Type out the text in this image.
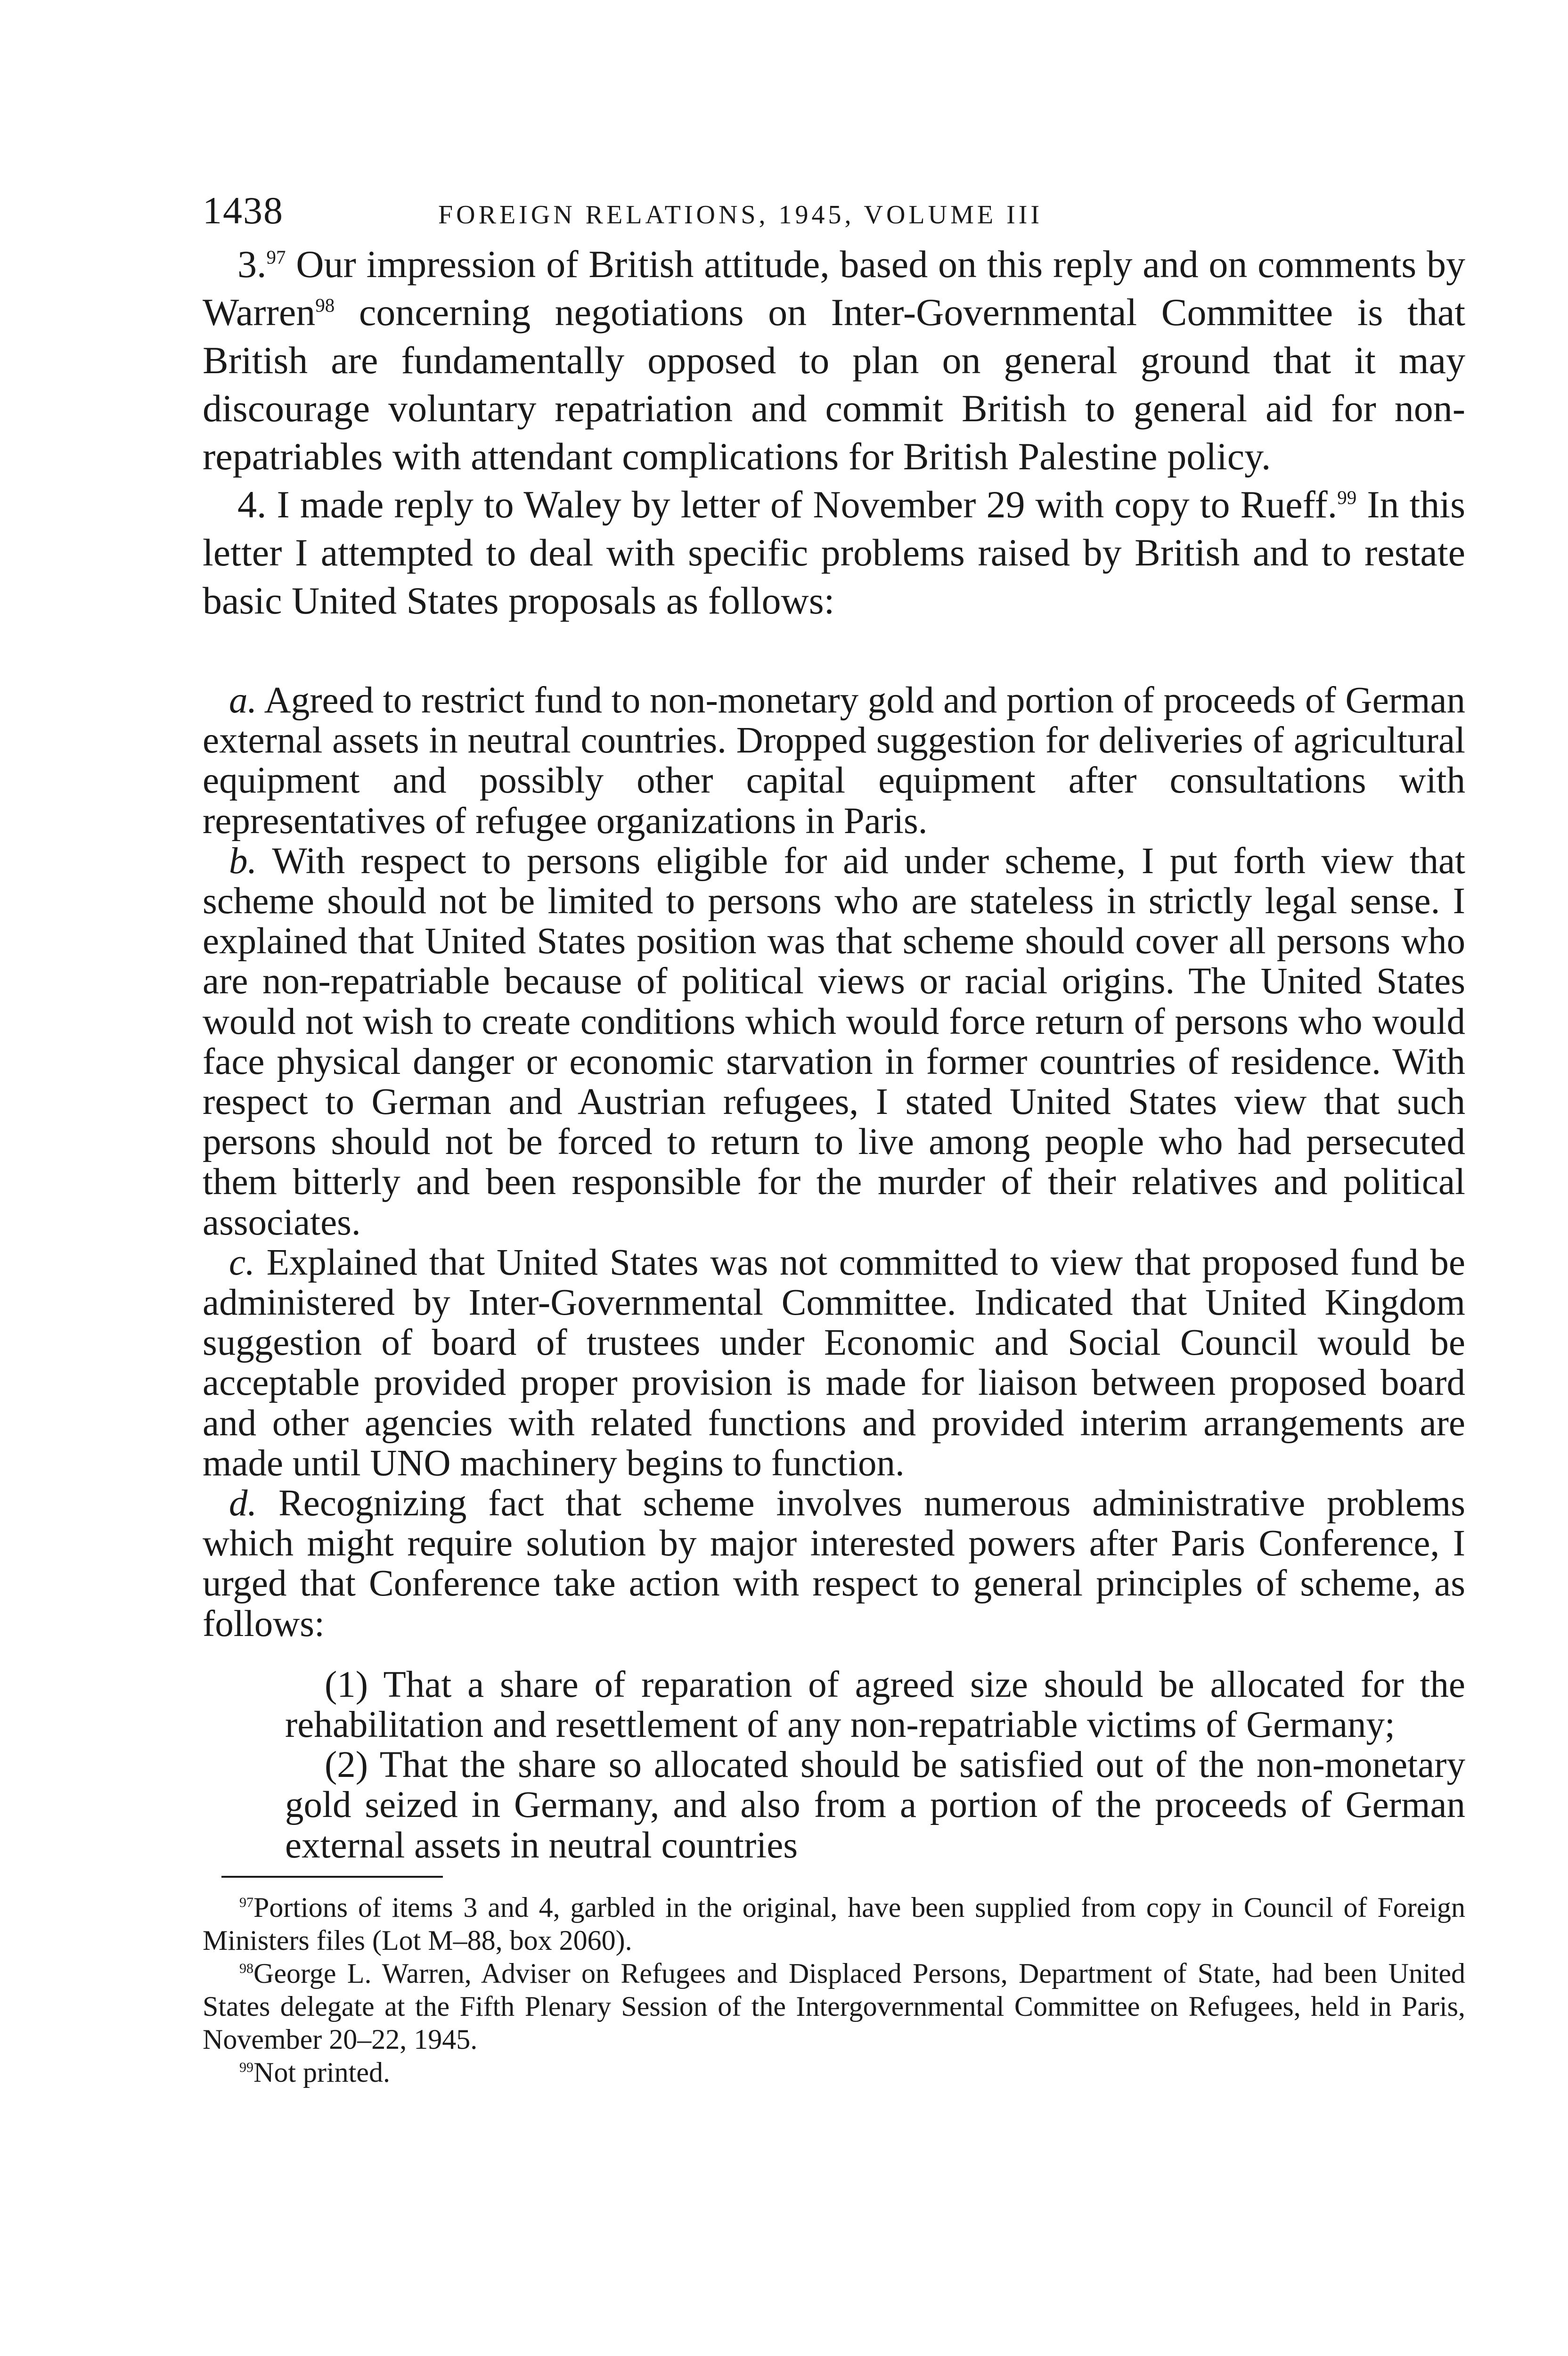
1438	FOREIGN RELATIONS, 1945, VOLUME III

3.97 Our impression of British attitude, based on this reply and on comments by Warren$^{98}$ concerning negotiations on Inter-Governmental Committee is that British are fundamentally opposed to plan on general ground that it may discourage voluntary repatriation and commit British to general aid for non-repatriables with attendant complications for British Palestine policy.

4. I made reply to Waley by letter of November 29 with copy to Rueff.$^{99}$ In this letter I attempted to deal with specific problems raised by British and to restate basic United States proposals as follows:

a. Agreed to restrict fund to non-monetary gold and portion of proceeds of German external assets in neutral countries. Dropped suggestion for deliveries of agricultural equipment and possibly other capital equipment after consultations with representatives of refugee organizations in Paris.

b. With respect to persons eligible for aid under scheme, I put forth view that scheme should not be limited to persons who are stateless in strictly legal sense. I explained that United States position was that scheme should cover all persons who are non-repatriable because of political views or racial origins. The United States would not wish to create conditions which would force return of persons who would face physical danger or economic starvation in former countries of residence. With respect to German and Austrian refugees, I stated United States view that such persons should not be forced to return to live among people who had persecuted them bitterly and been responsible for the murder of their relatives and political associates.

c. Explained that United States was not committed to view that proposed fund be administered by Inter-Governmental Committee. Indicated that United Kingdom suggestion of board of trustees under Economic and Social Council would be acceptable provided proper provision is made for liaison between proposed board and other agencies with related functions and provided interim arrangements are made until UNO machinery begins to function.

d. Recognizing fact that scheme involves numerous administrative problems which might require solution by major interested powers after Paris Conference, I urged that Conference take action with respect to general principles of scheme, as follows:

(1) That a share of reparation of agreed size should be allocated for the rehabilitation and resettlement of any non-repatriable victims of Germany;

(2) That the share so allocated should be satisfied out of the non-monetary gold seized in Germany, and also from a portion of the proceeds of German external assets in neutral countries

$^{97}$Portions of items 3 and 4, garbled in the original, have been supplied from copy in Council of Foreign Ministers files (Lot M–88, box 2060).

$^{98}$George L. Warren, Adviser on Refugees and Displaced Persons, Department of State, had been United States delegate at the Fifth Plenary Session of the Intergovernmental Committee on Refugees, held in Paris, November 20–22, 1945.

$^{99}$Not printed.
